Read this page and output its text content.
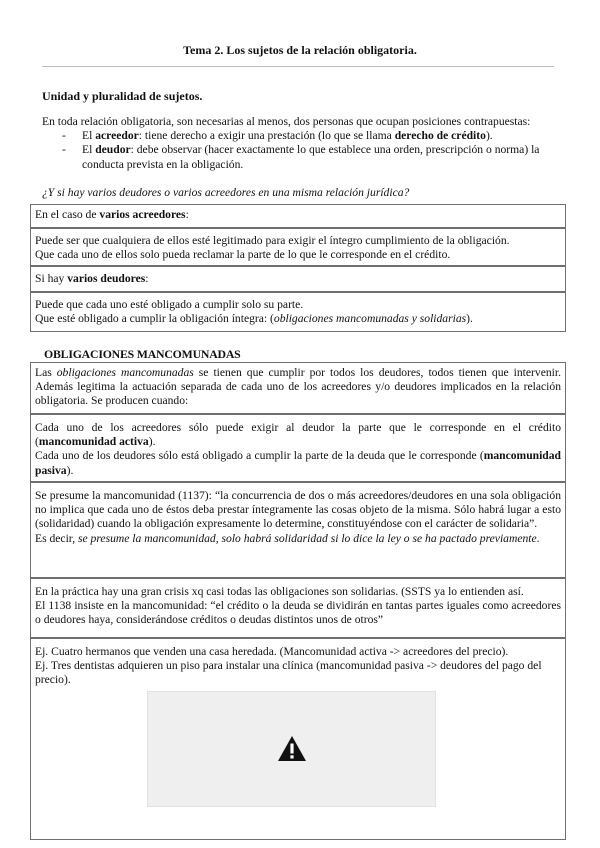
Tema 2. Los sujetos de la relación obligatoria.
Unidad y pluralidad de sujetos.

En toda relación obligatoria, son necesarias al menos, dos personas que ocupan posiciones contrapuestas:

-	El acreedor: tiene derecho a exigir una prestación (lo que se llama derecho de crédito).
-	El deudor: debe observar (hacer exactamente lo que establece una orden, prescripción o norma) la conducta prevista en la obligación.
¿Y si hay varios deudores o varios acreedores en una misma relación jurídica?
En el caso de varios acreedores:

Puede ser que cualquiera de ellos esté legitimado para exigir el íntegro cumplimiento de la obligación.

Que cada uno de ellos solo pueda reclamar la parte de lo que le corresponde en el crédito.

Si hay varios deudores:

Puede que cada uno esté obligado a cumplir solo su parte.

Que esté obligado a cumplir la obligación íntegra: (obligaciones mancomunadas y solidarias).

OBLIGACIONES MANCOMUNADAS
Las obligaciones mancomunadas se tienen que cumplir por todos los deudores, todos tienen que intervenir. Además legitima la actuación separada de cada uno de los acreedores y/o deudores implicados en la relación obligatoria. Se producen cuando:

Cada uno de los acreedores sólo puede exigir al deudor la parte que le corresponde en el crédito (mancomunidad activa).

Cada uno de los deudores sólo está obligado a cumplir la parte de la deuda que le corresponde (mancomunidad pasiva).

Se presume la mancomunidad (1137): “la concurrencia de dos o más acreedores/deudores en una sola obligación no implica que cada uno de éstos deba prestar íntegramente las cosas objeto de la misma. Sólo habrá lugar a esto (solidaridad) cuando la obligación expresamente lo determine, constituyéndose con el carácter de solidaria”.

Es decir, se presume la mancomunidad, solo habrá solidaridad si lo dice la ley o se ha pactado previamente.

En la práctica hay una gran crisis xq casi todas las obligaciones son solidarias. (SSTS ya lo entienden así.

El 1138 insiste en la mancomunidad: “el crédito o la deuda se dividirán en tantas partes iguales como acreedores o deudores haya, considerándose créditos o deudas distintos unos de otros”

Ej. Cuatro hermanos que venden una casa heredada. (Mancomunidad activa -> acreedores del precio).

Ej. Tres dentistas adquieren un piso para instalar una clínica (mancomunidad pasiva -> deudores del pago del precio).
